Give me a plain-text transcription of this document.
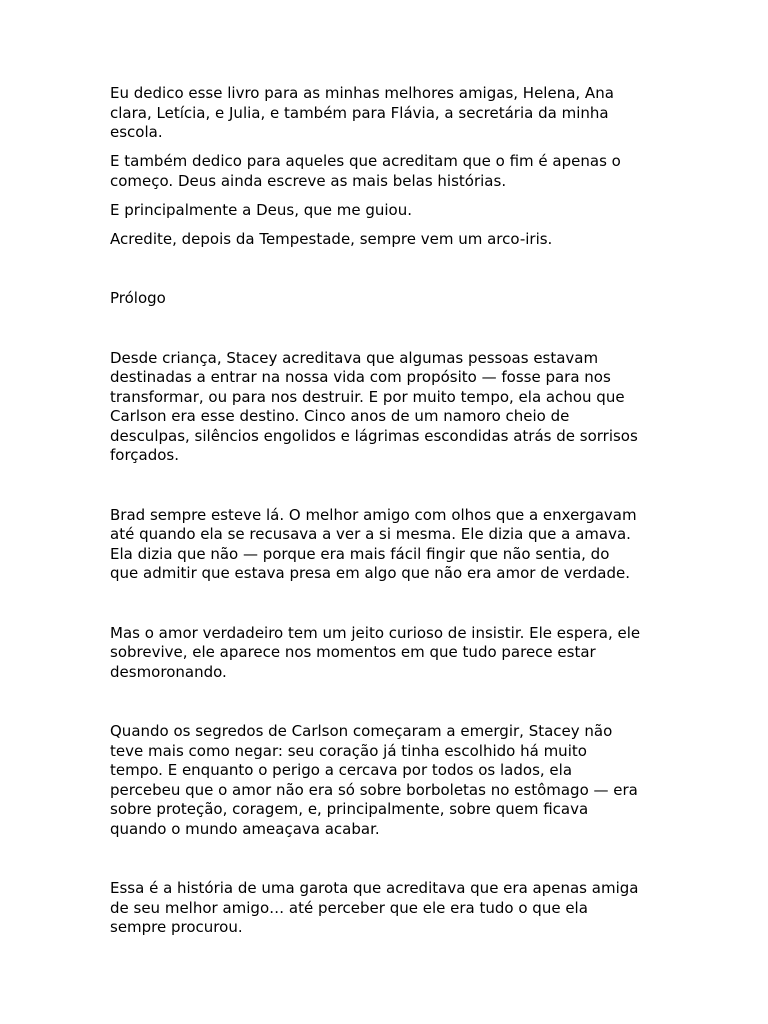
Eu dedico esse livro para as minhas melhores amigas, Helena, Ana
clara, Letícia, e Julia, e também para Flávia, a secretária da minha
escola.

E também dedico para aqueles que acreditam que o fim é apenas o
começo. Deus ainda escreve as mais belas histórias.

E principalmente a Deus, que me guiou.

Acredite, depois da Tempestade, sempre vem um arco-iris.

Prólogo

Desde criança, Stacey acreditava que algumas pessoas estavam
destinadas a entrar na nossa vida com propósito — fosse para nos
transformar, ou para nos destruir. E por muito tempo, ela achou que
Carlson era esse destino. Cinco anos de um namoro cheio de
desculpas, silêncios engolidos e lágrimas escondidas atrás de sorrisos
forçados.

Brad sempre esteve lá. O melhor amigo com olhos que a enxergavam
até quando ela se recusava a ver a si mesma. Ele dizia que a amava.
Ela dizia que não — porque era mais fácil fingir que não sentia, do
que admitir que estava presa em algo que não era amor de verdade.

Mas o amor verdadeiro tem um jeito curioso de insistir. Ele espera, ele
sobrevive, ele aparece nos momentos em que tudo parece estar
desmoronando.

Quando os segredos de Carlson começaram a emergir, Stacey não
teve mais como negar: seu coração já tinha escolhido há muito
tempo. E enquanto o perigo a cercava por todos os lados, ela
percebeu que o amor não era só sobre borboletas no estômago — era
sobre proteção, coragem, e, principalmente, sobre quem ficava
quando o mundo ameaçava acabar.

Essa é a história de uma garota que acreditava que era apenas amiga
de seu melhor amigo… até perceber que ele era tudo o que ela
sempre procurou.
